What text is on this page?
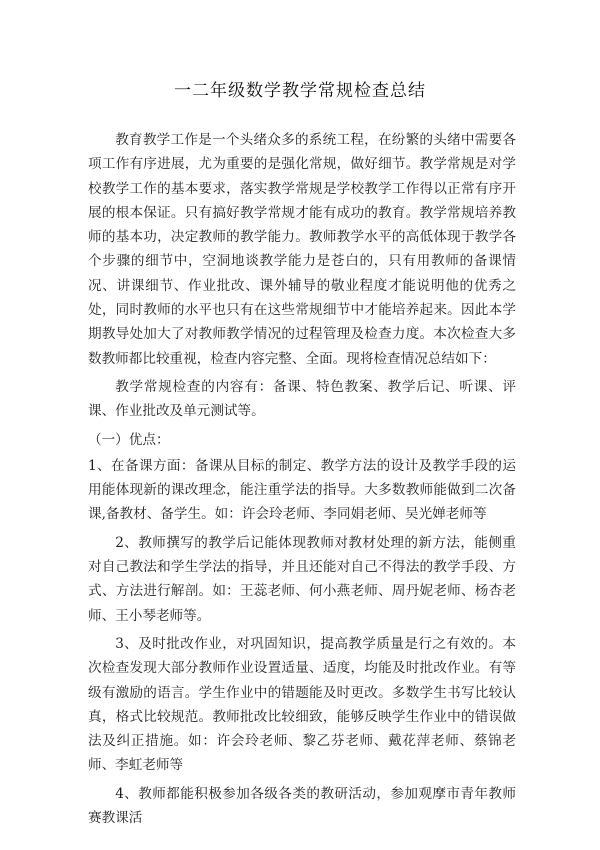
一二年级数学教学常规检查总结

教育教学工作是一个头绪众多的系统工程，在纷繁的头绪中需要各项工作有序进展，尤为重要的是强化常规，做好细节。教学常规是对学校教学工作的基本要求，落实教学常规是学校教学工作得以正常有序开展的根本保证。只有搞好教学常规才能有成功的教育。教学常规培养教师的基本功，决定教师的教学能力。教师教学水平的高低体现于教学各个步骤的细节中，空洞地谈教学能力是苍白的，只有用教师的备课情况、讲课细节、作业批改、课外辅导的敬业程度才能说明他的优秀之处，同时教师的水平也只有在这些常规细节中才能培养起来。因此本学期教导处加大了对教师教学情况的过程管理及检查力度。本次检查大多数教师都比较重视，检查内容完整、全面。现将检查情况总结如下：

教学常规检查的内容有：备课、特色教案、教学后记、听课、评课、作业批改及单元测试等。

（一）优点：

1、在备课方面：备课从目标的制定、教学方法的设计及教学手段的运用能体现新的课改理念，能注重学法的指导。大多数教师能做到二次备课,备教材、备学生。如：许会玲老师、李同娟老师、吴光婵老师等

2、教师撰写的教学后记能体现教师对教材处理的新方法，能侧重对自己教法和学生学法的指导，并且还能对自己不得法的教学手段、方式、方法进行解剖。如：王蕊老师、何小燕老师、周丹妮老师、杨杏老师、王小琴老师等。

3、及时批改作业，对巩固知识，提高教学质量是行之有效的。本次检查发现大部分教师作业设置适量、适度，均能及时批改作业。有等级有激励的语言。学生作业中的错题能及时更改。多数学生书写比较认真，格式比较规范。教师批改比较细致，能够反映学生作业中的错误做法及纠正措施。如：许会玲老师、黎乙芬老师、戴花萍老师、蔡锦老师、李虹老师等

4、教师都能积极参加各级各类的教研活动，参加观摩市青年教师赛教课活
